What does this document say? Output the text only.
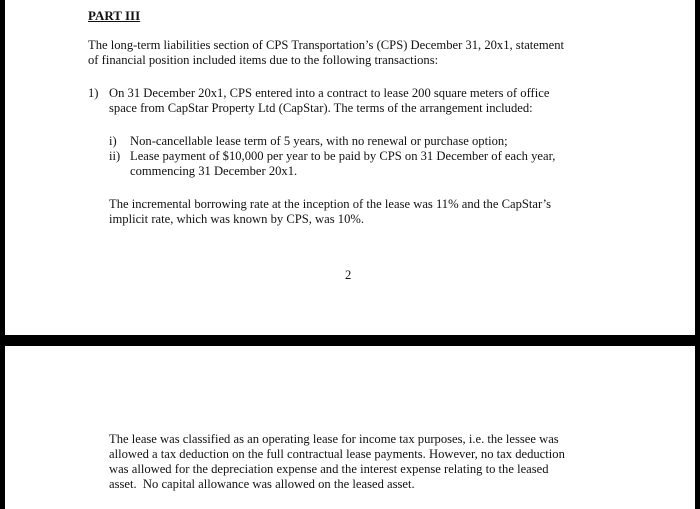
PART III

The long-term liabilities section of CPS Transportation’s (CPS) December 31, 20x1, statement

of financial position included items due to the following transactions:

1) On 31 December 20x1, CPS entered into a contract to lease 200 square meters of office

space from CapStar Property Ltd (CapStar). The terms of the arrangement included:

i) Non-cancellable lease term of 5 years, with no renewal or purchase option;

ii) Lease payment of $10,000 per year to be paid by CPS on 31 December of each year,

commencing 31 December 20x1.

The incremental borrowing rate at the inception of the lease was 11% and the CapStar’s

implicit rate, which was known by CPS, was 10%.

2

The lease was classified as an operating lease for income tax purposes, i.e. the lessee was

allowed a tax deduction on the full contractual lease payments. However, no tax deduction

was allowed for the depreciation expense and the interest expense relating to the leased

asset.  No capital allowance was allowed on the leased asset.
